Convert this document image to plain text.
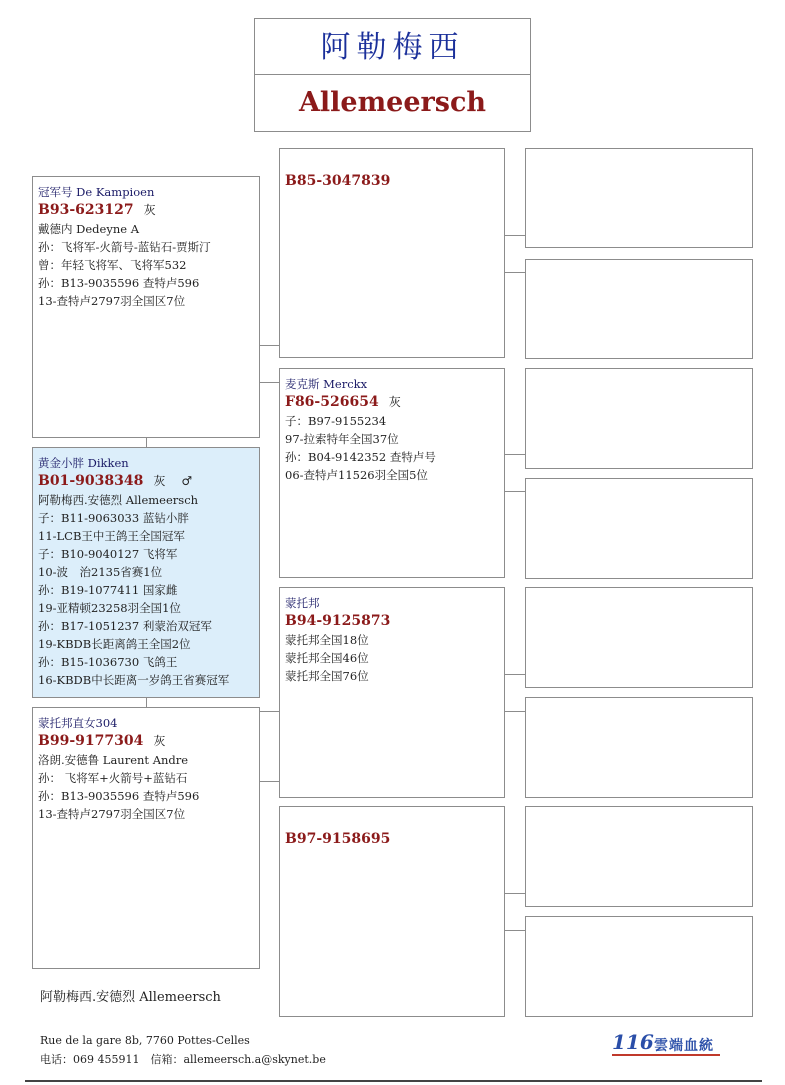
阿勒梅西
Allemeersch
冠军号 De Kampioen
B93-623127 灰
戴德内 Dedeyne A
孙：飞将军-火箭号-蓝钻石-贾斯汀
曾：年轻飞将军、飞将军532
孙：B13-9035596 查特卢596
13-查特卢2797羽全国区7位
黄金小胖 Dikken
B01-9038348 灰 ♂
阿勒梅西.安德烈 Allemeersch
子：B11-9063033 蓝钻小胖
11-LCB王中王鸽王全国冠军
子：B10-9040127 飞将军
10-波　治2135省赛1位
孙：B19-1077411 国家雌
19-亚精顿23258羽全国1位
孙：B17-1051237 利蒙治双冠军
19-KBDB长距离鸽王全国2位
孙：B15-1036730 飞鸽王
16-KBDB中长距离一岁鸽王省赛冠军
蒙托邦直女304
B99-9177304 灰
洛朗.安德鲁 Laurent Andre
孙： 飞将军+火箭号+蓝钻石
孙：B13-9035596 查特卢596
13-查特卢2797羽全国区7位
B85-3047839
麦克斯 Merckx
F86-526654 灰
子：B97-9155234
97-拉索特年全国37位
孙：B04-9142352 查特卢号
06-查特卢11526羽全国5位
蒙托邦
B94-9125873
蒙托邦全国18位
蒙托邦全国46位
蒙托邦全国76位
B97-9158695
阿勒梅西.安德烈 Allemeersch
Rue de la gare 8b, 7760 Pottes-Celles
电话：069 455911　信箱：allemeersch.a@skynet.be
116 雲端血統
